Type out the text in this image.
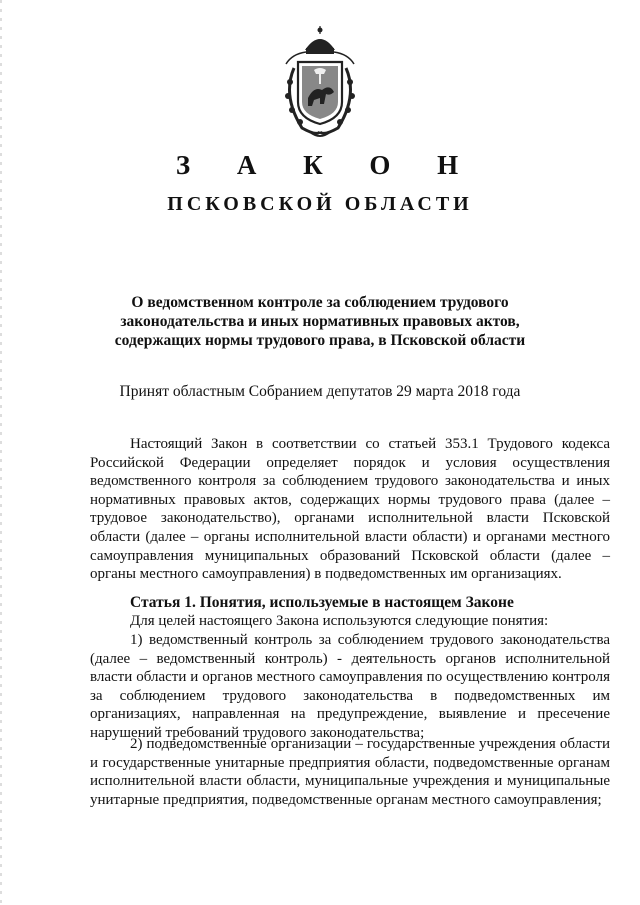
З А К О Н
ПСКОВСКОЙ ОБЛАСТИ
О ведомственном контроле за соблюдением трудового законодательства и иных нормативных правовых актов, содержащих нормы трудового права, в Псковской области
Принят областным Собранием депутатов 29 марта 2018 года

Настоящий Закон в соответствии со статьей 353.1 Трудового кодекса Российской Федерации определяет порядок и условия осуществления ведомственного контроля за соблюдением трудового законодательства и иных нормативных правовых актов, содержащих нормы трудового права (далее – трудовое законодательство), органами исполнительной власти Псковской области (далее – органы исполнительной власти области) и органами местного самоуправления муниципальных образований Псковской области (далее – органы местного самоуправления) в подведомственных им организациях.

Статья 1. Понятия, используемые в настоящем Законе

Для целей настоящего Закона используются следующие понятия:

1) ведомственный контроль за соблюдением трудового законодательства (далее – ведомственный контроль) - деятельность органов исполнительной власти области и органов местного самоуправления по осуществлению контроля за соблюдением трудового законодательства в подведомственных им организациях, направленная на предупреждение, выявление и пресечение нарушений требований трудового законодательства;

2) подведомственные организации – государственные учреждения области и государственные унитарные предприятия области, подведомственные органам исполнительной власти области, муниципальные учреждения и муниципальные унитарные предприятия, подведомственные органам местного самоуправления;
